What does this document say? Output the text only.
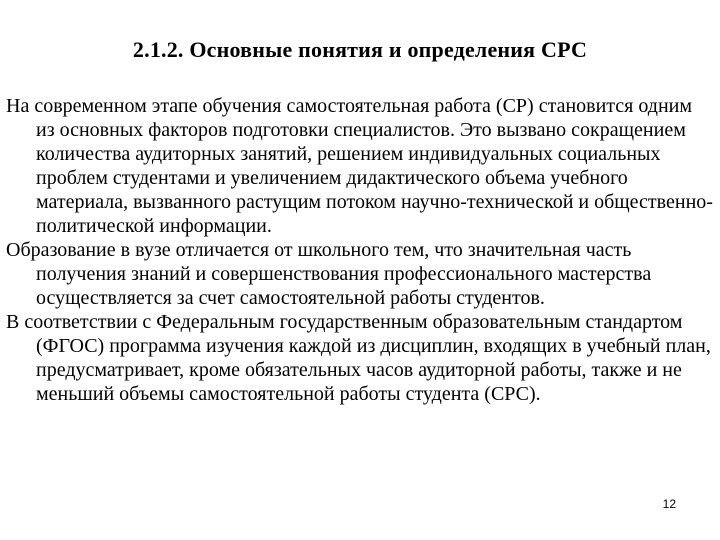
2.1.2. Основные понятия и определения СРС

На современном этапе обучения самостоятельная работа (СР) становится одним из основных факторов подготовки специалистов. Это вызвано сокращением количества аудиторных занятий, решением индивидуальных социальных проблем студентами и увеличением дидактического объема учебного материала, вызванного растущим потоком научно-технической и общественно-политической информации.

Образование в вузе отличается от школьного тем, что значительная часть получения знаний и совершенствования профессионального мастерства осуществляется за счет самостоятельной работы студентов.

В соответствии с Федеральным государственным образовательным стандартом (ФГОС) программа изучения каждой из дисциплин, входящих в учебный план, предусматривает, кроме обязательных часов аудиторной работы, также и не меньший объемы самостоятельной работы студента (СРС).

12
